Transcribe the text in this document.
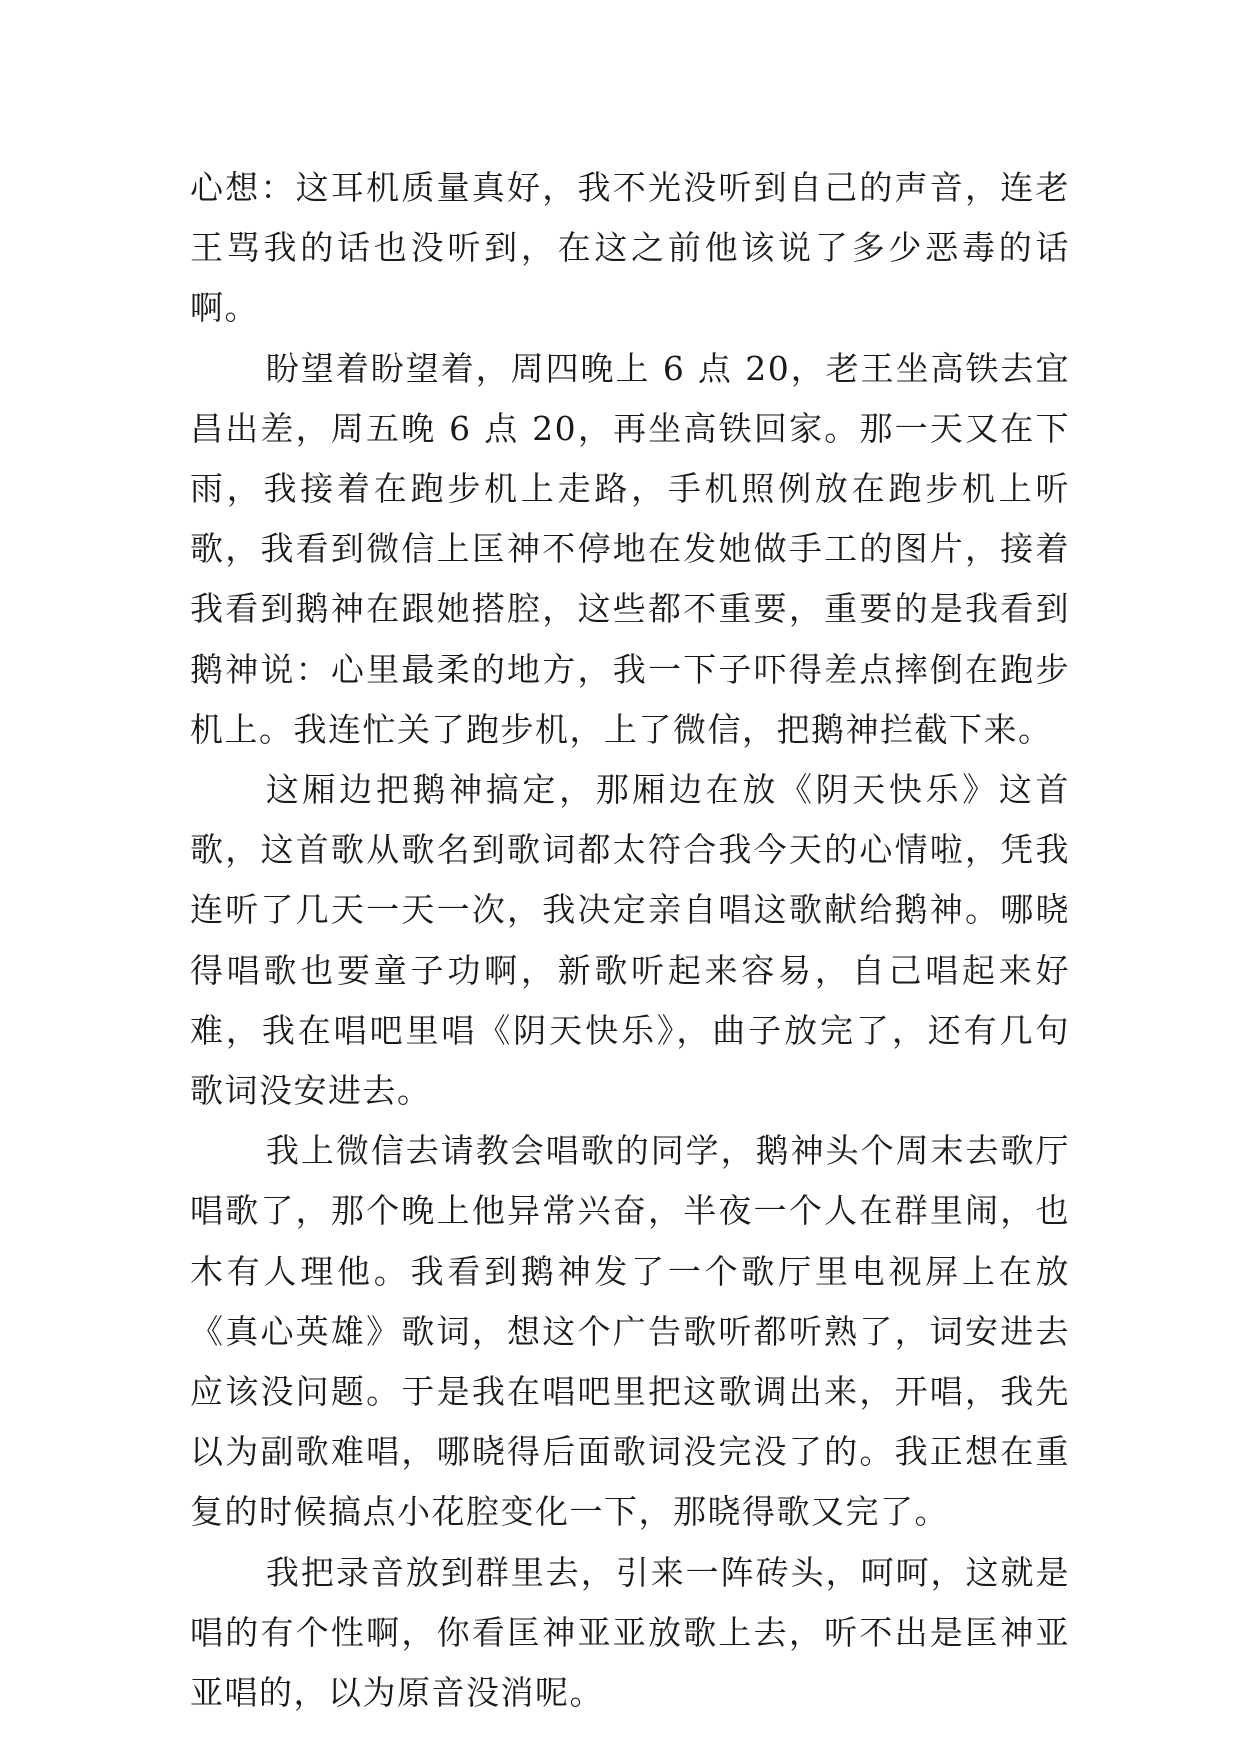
心想：这耳机质量真好，我不光没听到自己的声音，连老王骂我的话也没听到，在这之前他该说了多少恶毒的话啊。

盼望着盼望着，周四晚上 6 点 20，老王坐高铁去宜昌出差，周五晚 6 点 20，再坐高铁回家。那一天又在下雨，我接着在跑步机上走路，手机照例放在跑步机上听歌，我看到微信上匡神不停地在发她做手工的图片，接着我看到鹅神在跟她搭腔，这些都不重要，重要的是我看到鹅神说：心里最柔的地方，我一下子吓得差点摔倒在跑步机上。我连忙关了跑步机，上了微信，把鹅神拦截下来。

这厢边把鹅神搞定，那厢边在放《阴天快乐》这首歌，这首歌从歌名到歌词都太符合我今天的心情啦，凭我连听了几天一天一次，我决定亲自唱这歌献给鹅神。哪晓得唱歌也要童子功啊，新歌听起来容易，自己唱起来好难，我在唱吧里唱《阴天快乐》，曲子放完了，还有几句歌词没安进去。

我上微信去请教会唱歌的同学，鹅神头个周末去歌厅唱歌了，那个晚上他异常兴奋，半夜一个人在群里闹，也木有人理他。我看到鹅神发了一个歌厅里电视屏上在放《真心英雄》歌词，想这个广告歌听都听熟了，词安进去应该没问题。于是我在唱吧里把这歌调出来，开唱，我先以为副歌难唱，哪晓得后面歌词没完没了的。我正想在重复的时候搞点小花腔变化一下，那晓得歌又完了。

我把录音放到群里去，引来一阵砖头，呵呵，这就是唱的有个性啊，你看匡神亚亚放歌上去，听不出是匡神亚亚唱的，以为原音没消呢。
